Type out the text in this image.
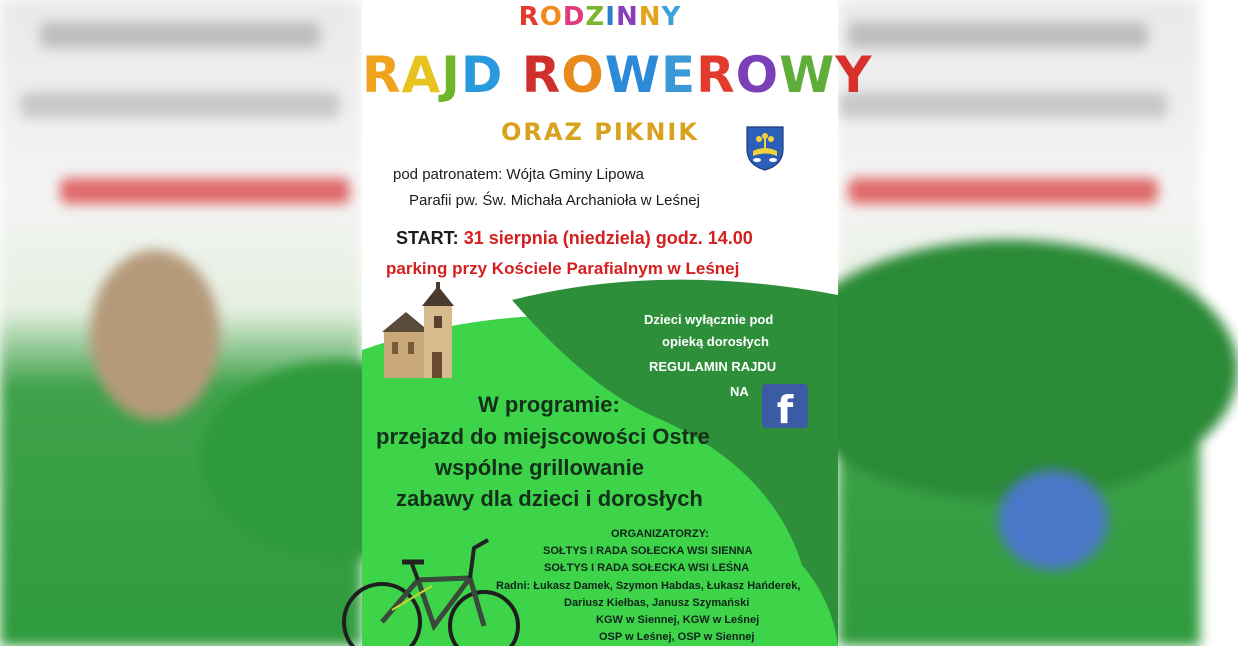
RODZINNY
RAJD ROWEROWY
ORAZ PIKNIK
pod patronatem: Wójta Gminy Lipowa
Parafii pw. Św. Michała Archanioła w Leśnej
START: 31 sierpnia (niedziela) godz. 14.00
parking przy Kościele Parafialnym w Leśnej
Dzieci wyłącznie pod
opieką dorosłych
REGULAMIN RAJDU
NA f
W programie:
przejazd do miejscowości Ostre
wspólne grillowanie
zabawy dla dzieci i dorosłych
ORGANIZATORZY:
SOŁTYS I RADA SOŁECKA WSI SIENNA
SOŁTYS I RADA SOŁECKA WSI LEŚNA
Radni: Łukasz Damek, Szymon Habdas, Łukasz Hańderek,
Dariusz Kiełbas, Janusz Szymański
KGW w Siennej, KGW w Leśnej
OSP w Leśnej, OSP w Siennej
